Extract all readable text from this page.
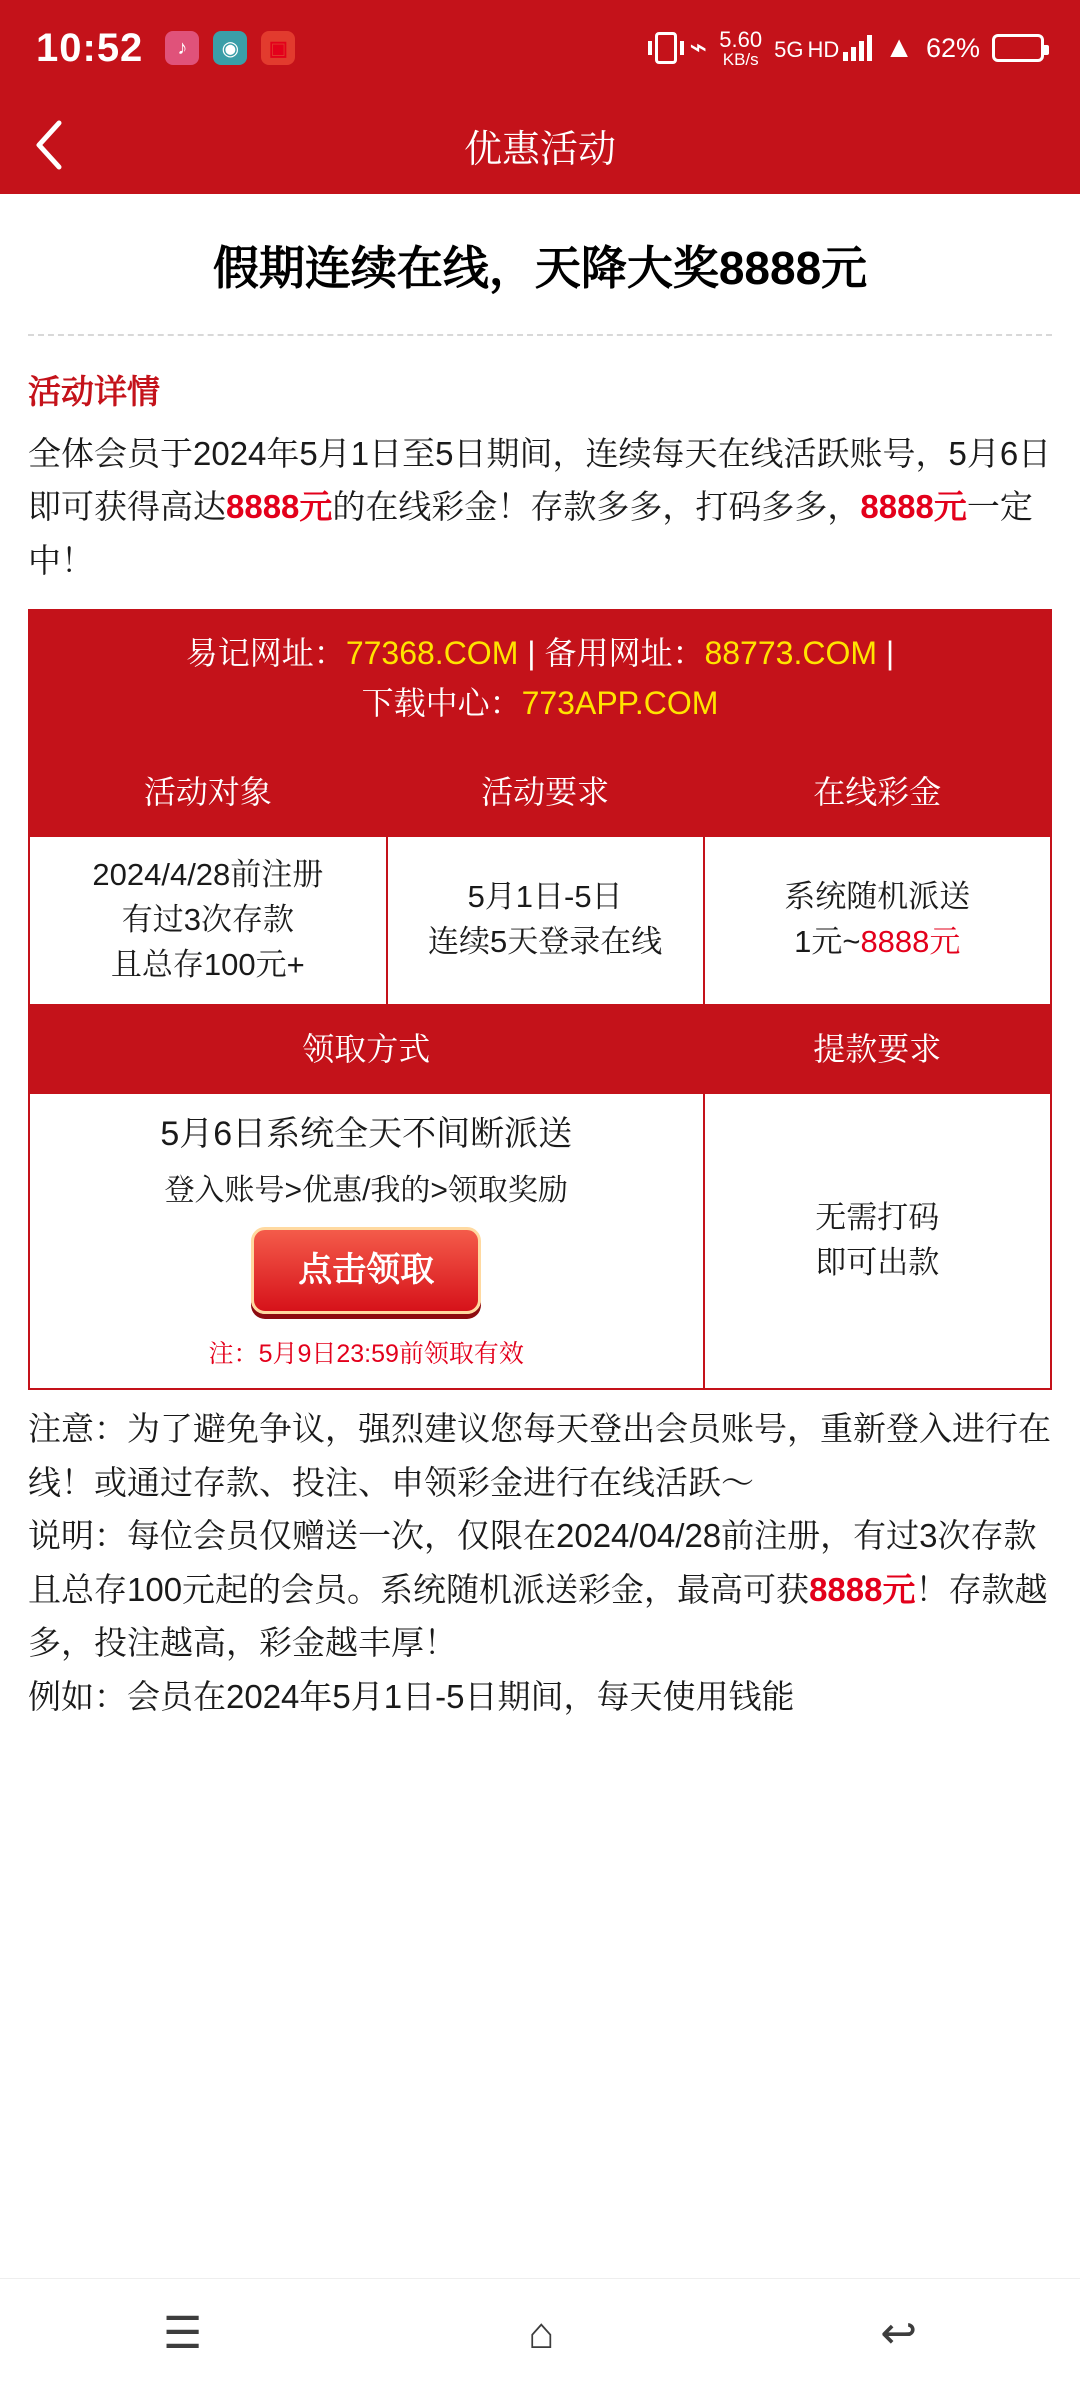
10:52	♪	◉	▣	⌁ 5.60
KB/s 5G HD ▲ 62%
优惠活动
假期连续在线，天降大奖8888元
活动详情

全体会员于2024年5月1日至5日期间，连续每天在线活跃账号，5月6日即可获得高达8888元的在线彩金！存款多多，打码多多，8888元一定中！

易记网址：77368.COM | 备用网址：88773.COM |
下载中心：773APP.COM		
活动对象	活动要求	在线彩金
2024/4/28前注册
有过3次存款
且总存100元+	5月1日-5日
连续5天登录在线	系统随机派送
1元~8888元
领取方式		提款要求

5月6日系统全天不间断派送
登入账号>优惠/我的>领取奖励
点击领取
注：5月9日23:59前领取有效
	无需打码
即可出款

注意：为了避免争议，强烈建议您每天登出会员账号，重新登入进行在线！或通过存款、投注、申领彩金进行在线活跃～

说明：每位会员仅赠送一次，仅限在2024/04/28前注册，有过3次存款且总存100元起的会员。系统随机派送彩金，最高可获8888元！存款越多，投注越高，彩金越丰厚！

例如：会员在2024年5月1日-5日期间，每天使用钱能

☰	⌂	↩
